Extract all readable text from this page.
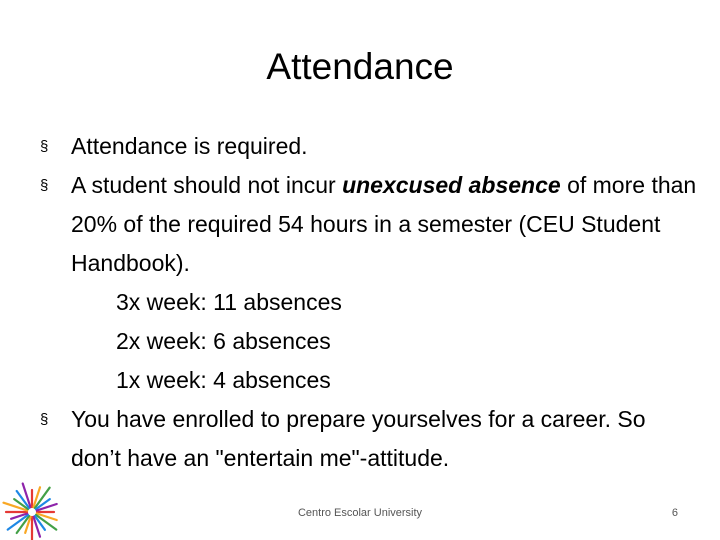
Attendance
§ Attendance is required.
§ A student should not incur unexcused absence of more than 20% of the required 54 hours in a semester (CEU Student Handbook).
3x week: 11 absences
2x week: 6 absences
1x week: 4 absences
§ You have enrolled to prepare yourselves for a career. So don’t have an "entertain me"-attitude.
Centro Escolar University	6
